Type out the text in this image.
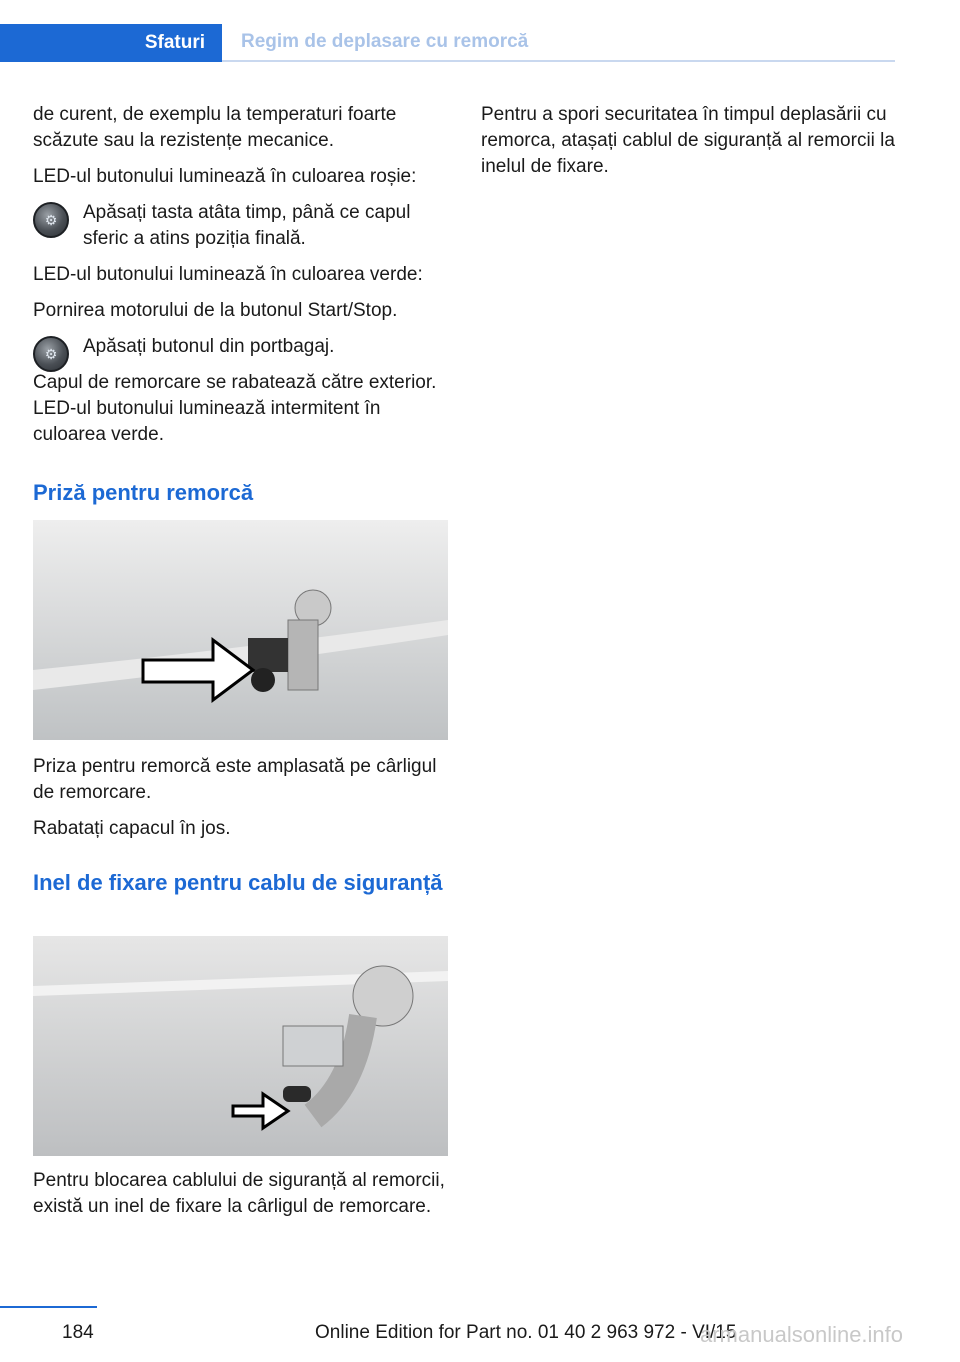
Sfaturi	Regim de deplasare cu remorcă

de curent, de exemplu la temperaturi foarte scăzute sau la rezistențe mecanice.

LED-ul butonului luminează în culoarea roșie:

⚙ Apăsați tasta atâta timp, până ce capul sferic a atins poziția finală.

LED-ul butonului luminează în culoarea verde:

Pornirea motorului de la butonul Start/Stop.

⚙ Apăsați butonul din portbagaj.

Capul de remorcare se rabatează către exterior. LED-ul butonului luminează intermitent în culoarea verde.

Priză pentru remorcă

Priza pentru remorcă este amplasată pe cârligul de remorcare.

Rabatați capacul în jos.

Inel de fixare pentru cablu de siguranță

Pentru blocarea cablului de siguranță al remorcii, există un inel de fixare la cârligul de remorcare.

Pentru a spori securitatea în timpul deplasării cu remorca, atașați cablul de siguranță al remorcii la inelul de fixare.

184	Online Edition for Part no. 01 40 2 963 972 - VI/15
armanualsonline.info
